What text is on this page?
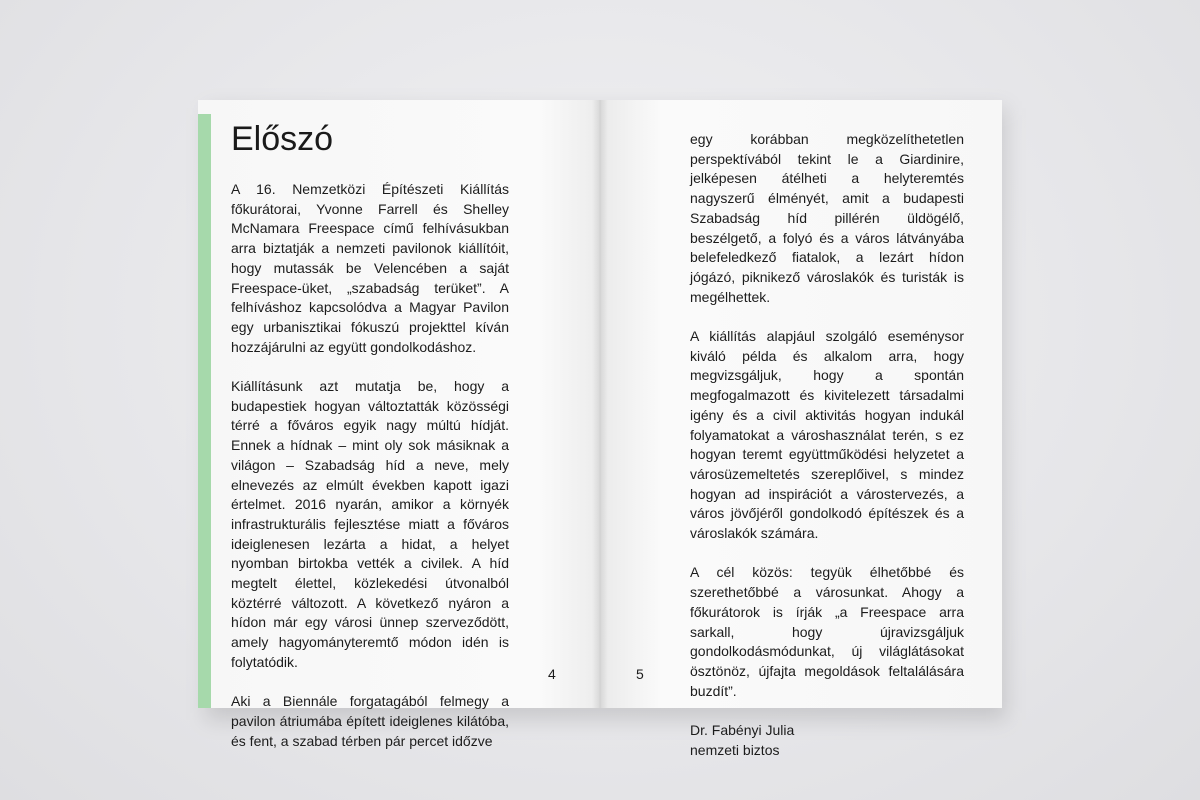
Előszó

A 16. Nemzetközi Építészeti Kiállítás főkurátorai, Yvonne Farrell és Shelley McNamara Freespace című felhívásukban arra biztatják a nemzeti pavilonok kiállítóit, hogy mutassák be Velencében a saját Freespace-üket, „szabadság terüket”. A felhíváshoz kapcsolódva a Magyar Pavilon egy urbanisztikai fókuszú projekttel kíván hozzájárulni az együtt gondolkodáshoz.

Kiállításunk azt mutatja be, hogy a budapestiek hogyan változtatták közösségi térré a főváros egyik nagy múltú hídját. Ennek a hídnak – mint oly sok másiknak a világon – Szabadság híd a neve, mely elnevezés az elmúlt években kapott igazi értelmet. 2016 nyarán, amikor a környék infrastrukturális fejlesztése miatt a főváros ideiglenesen lezárta a hidat, a helyet nyomban birtokba vették a civilek. A híd megtelt élettel, közlekedési útvonalból köztérré változott. A következő nyáron a hídon már egy városi ünnep szerveződött, amely hagyományteremtő módon idén is folytatódik.

Aki a Biennále forgatagából felmegy a pavilon átriumába épített ideiglenes kilátóba, és fent, a szabad térben pár percet időzve

4

egy korábban megközelíthetetlen perspektívából tekint le a Giardinire, jelképesen átélheti a helyteremtés nagyszerű élményét, amit a budapesti Szabadság híd pillérén üldögélő, beszélgető, a folyó és a város látványába belefeledkező fiatalok, a lezárt hídon jógázó, piknikező városlakók és turisták is megélhettek.

A kiállítás alapjául szolgáló eseménysor kiváló példa és alkalom arra, hogy megvizsgáljuk, hogy a spontán megfogalmazott és kivitelezett társadalmi igény és a civil aktivitás hogyan indukál folyamatokat a városhasználat terén, s ez hogyan teremt együttműködési helyzetet a városüzemeltetés szereplőivel, s mindez hogyan ad inspirációt a várostervezés, a város jövőjéről gondolkodó építészek és a városlakók számára.

A cél közös: tegyük élhetőbbé és szerethetőbbé a városunkat. Ahogy a főkurátorok is írják „a Freespace arra sarkall, hogy újravizsgáljuk gondolkodásmódunkat, új világlátásokat ösztönöz, újfajta megoldások feltalálására buzdít”.

Dr. Fabényi Julia
nemzeti biztos
5
